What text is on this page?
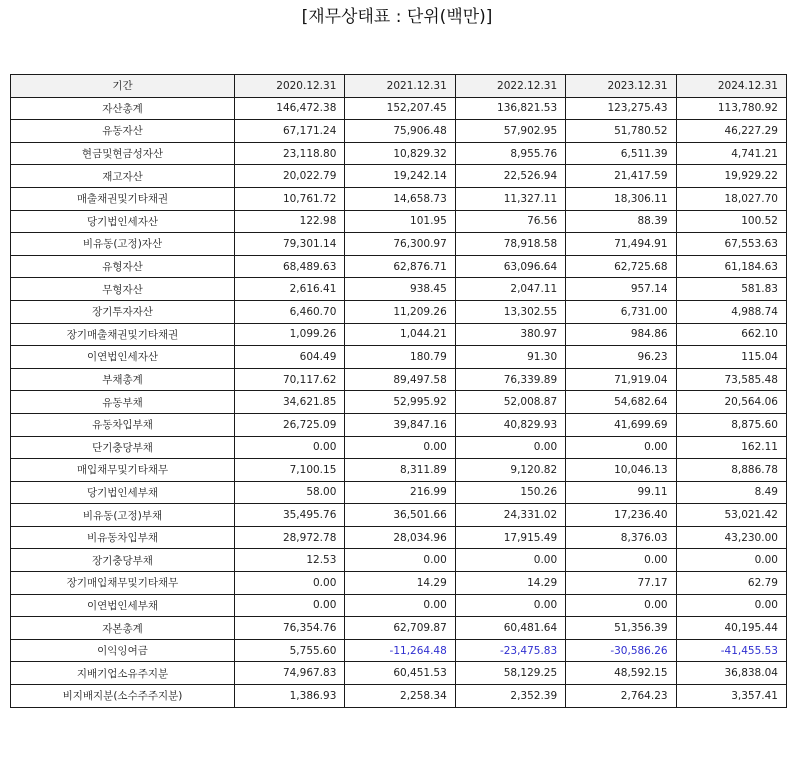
[재무상태표 : 단위(백만)]
기간	2020.12.31	2021.12.31	2022.12.31	2023.12.31	2024.12.31
자산총계	146,472.38	152,207.45	136,821.53	123,275.43	113,780.92
유동자산	67,171.24	75,906.48	57,902.95	51,780.52	46,227.29
현금및현금성자산	23,118.80	10,829.32	8,955.76	6,511.39	4,741.21
재고자산	20,022.79	19,242.14	22,526.94	21,417.59	19,929.22
매출채권및기타채권	10,761.72	14,658.73	11,327.11	18,306.11	18,027.70
당기법인세자산	122.98	101.95	76.56	88.39	100.52
비유동(고정)자산	79,301.14	76,300.97	78,918.58	71,494.91	67,553.63
유형자산	68,489.63	62,876.71	63,096.64	62,725.68	61,184.63
무형자산	2,616.41	938.45	2,047.11	957.14	581.83
장기투자자산	6,460.70	11,209.26	13,302.55	6,731.00	4,988.74
장기매출채권및기타채권	1,099.26	1,044.21	380.97	984.86	662.10
이연법인세자산	604.49	180.79	91.30	96.23	115.04
부채총계	70,117.62	89,497.58	76,339.89	71,919.04	73,585.48
유동부채	34,621.85	52,995.92	52,008.87	54,682.64	20,564.06
유동차입부채	26,725.09	39,847.16	40,829.93	41,699.69	8,875.60
단기충당부채	0.00	0.00	0.00	0.00	162.11
매입채무및기타채무	7,100.15	8,311.89	9,120.82	10,046.13	8,886.78
당기법인세부채	58.00	216.99	150.26	99.11	8.49
비유동(고정)부채	35,495.76	36,501.66	24,331.02	17,236.40	53,021.42
비유동차입부채	28,972.78	28,034.96	17,915.49	8,376.03	43,230.00
장기충당부채	12.53	0.00	0.00	0.00	0.00
장기매입채무및기타채무	0.00	14.29	14.29	77.17	62.79
이연법인세부채	0.00	0.00	0.00	0.00	0.00
자본총계	76,354.76	62,709.87	60,481.64	51,356.39	40,195.44
이익잉여금	5,755.60	-11,264.48	-23,475.83	-30,586.26	-41,455.53
지배기업소유주지분	74,967.83	60,451.53	58,129.25	48,592.15	36,838.04
비지배지분(소수주주지분)	1,386.93	2,258.34	2,352.39	2,764.23	3,357.41
